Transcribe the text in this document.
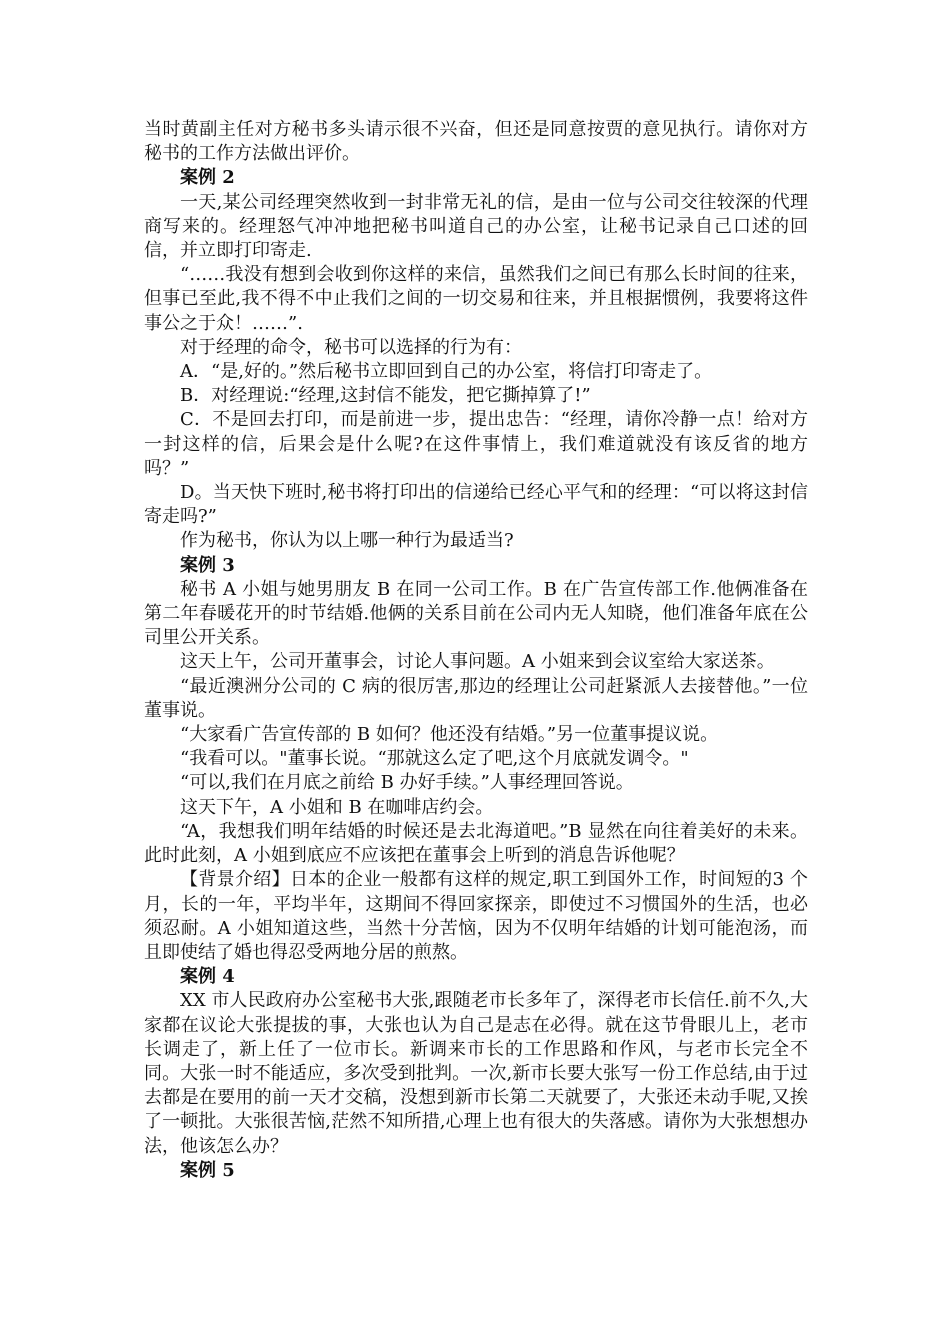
当时黄副主任对方秘书多头请示很不兴奋，但还是同意按贾的意见执行。请你对方秘书的工作方法做出评价。

案例 2

一天,某公司经理突然收到一封非常无礼的信，是由一位与公司交往较深的代理商写来的。经理怒气冲冲地把秘书叫道自己的办公室，让秘书记录自己口述的回信，并立即打印寄走.

“……我没有想到会收到你这样的来信，虽然我们之间已有那么长时间的往来，但事已至此,我不得不中止我们之间的一切交易和往来，并且根据惯例，我要将这件事公之于众！……”.

对于经理的命令，秘书可以选择的行为有：

A．“是,好的。”然后秘书立即回到自己的办公室，将信打印寄走了。

B．对经理说:“经理,这封信不能发，把它撕掉算了!”

C．不是回去打印，而是前进一步，提出忠告：“经理，请你冷静一点！给对方一封这样的信，后果会是什么呢?在这件事情上，我们难道就没有该反省的地方吗？”

D。当天快下班时,秘书将打印出的信递给已经心平气和的经理：“可以将这封信寄走吗?”

作为秘书，你认为以上哪一种行为最适当?

案例 3

秘书 A 小姐与她男朋友 B 在同一公司工作。B 在广告宣传部工作.他俩准备在第二年春暖花开的时节结婚.他俩的关系目前在公司内无人知晓，他们准备年底在公司里公开关系。

这天上午，公司开董事会，讨论人事问题。A 小姐来到会议室给大家送茶。

“最近澳洲分公司的 C 病的很厉害,那边的经理让公司赶紧派人去接替他。”一位董事说。

“大家看广告宣传部的 B 如何？他还没有结婚。”另一位董事提议说。

“我看可以。"董事长说。“那就这么定了吧,这个月底就发调令。"

“可以,我们在月底之前给 B 办好手续。”人事经理回答说。

这天下午，A 小姐和 B 在咖啡店约会。

“A，我想我们明年结婚的时候还是去北海道吧。”B 显然在向往着美好的未来。此时此刻，A 小姐到底应不应该把在董事会上听到的消息告诉他呢？

【背景介绍】日本的企业一般都有这样的规定,职工到国外工作，时间短的3 个月，长的一年，平均半年，这期间不得回家探亲，即使过不习惯国外的生活，也必须忍耐。A 小姐知道这些，当然十分苦恼，因为不仅明年结婚的计划可能泡汤，而且即使结了婚也得忍受两地分居的煎熬。

案例 4

XX 市人民政府办公室秘书大张,跟随老市长多年了，深得老市长信任.前不久,大家都在议论大张提拔的事，大张也认为自己是志在必得。就在这节骨眼儿上，老市长调走了，新上任了一位市长。新调来市长的工作思路和作风，与老市长完全不同。大张一时不能适应，多次受到批判。一次,新市长要大张写一份工作总结,由于过去都是在要用的前一天才交稿，没想到新市长第二天就要了，大张还未动手呢,又挨了一顿批。大张很苦恼,茫然不知所措,心理上也有很大的失落感。请你为大张想想办法，他该怎么办？

案例 5
